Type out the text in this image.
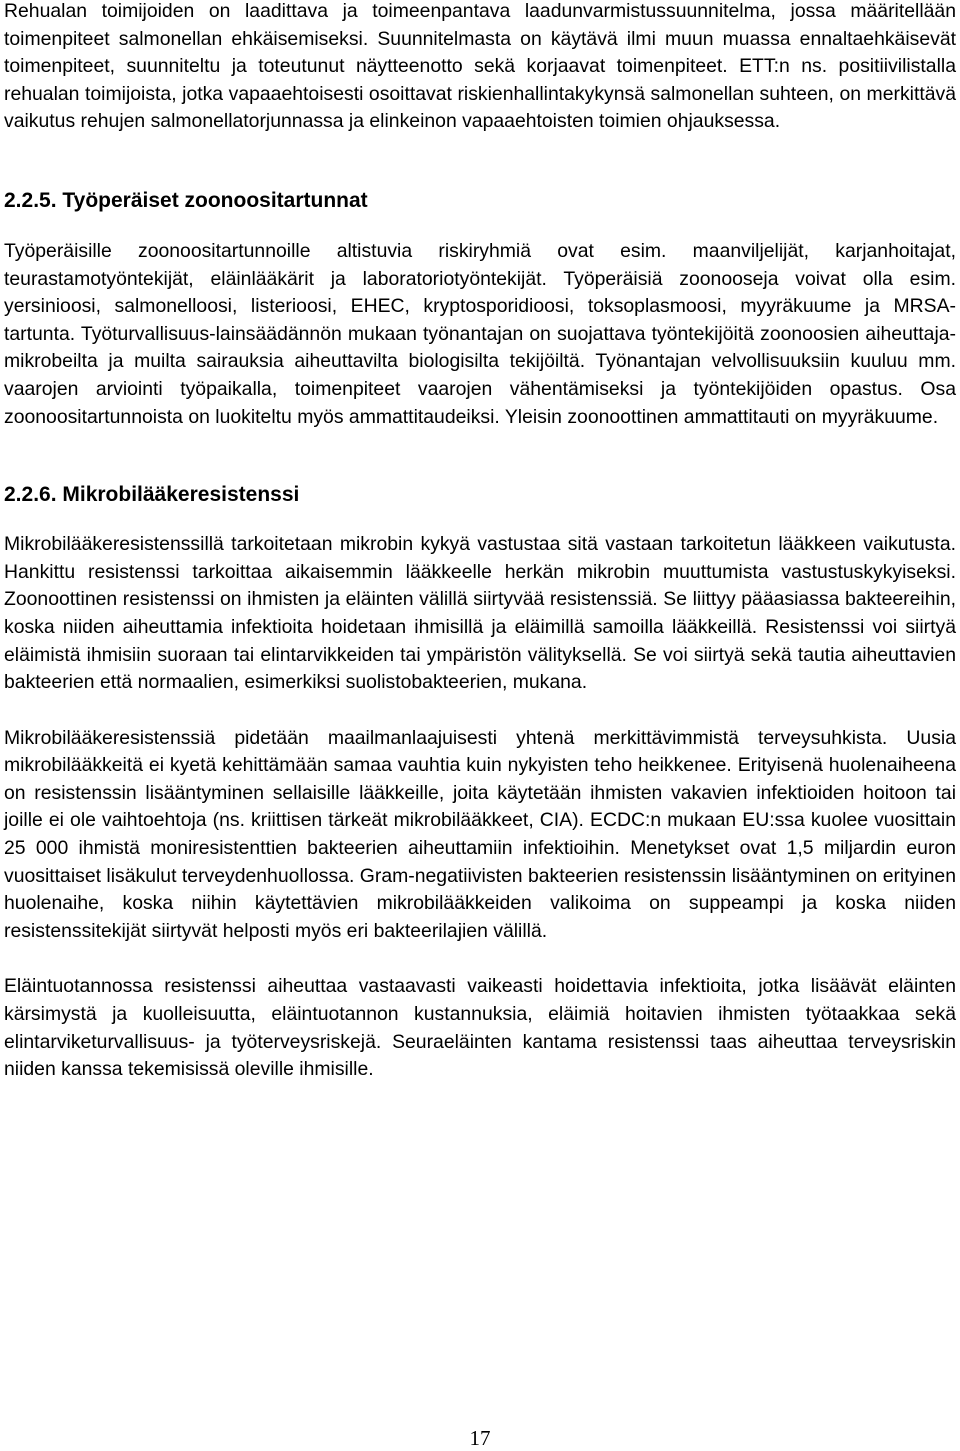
Rehualan toimijoiden on laadittava ja toimeenpantava laadunvarmistussuunnitelma, jossa määritellään toimenpiteet salmonellan ehkäisemiseksi. Suunnitelmasta on käytävä ilmi muun muassa ennaltaehkäisevät toimenpiteet, suunniteltu ja toteutunut näytteenotto sekä korjaavat toimenpiteet. ETT:n ns. positiivilistalla rehualan toimijoista, jotka vapaaehtoisesti osoittavat riskienhallintakykynsä salmonellan suhteen, on merkittävä vaikutus rehujen salmonellatorjunnassa ja elinkeinon vapaaehtoisten toimien ohjauksessa.

2.2.5. Työperäiset zoonoositartunnat

Työperäisille zoonoositartunnoille altistuvia riskiryhmiä ovat esim. maanviljelijät, karjanhoitajat, teurastamotyöntekijät, eläinlääkärit ja laboratoriotyöntekijät. Työperäisiä zoonooseja voivat olla esim. yersinioosi, salmonelloosi, listerioosi, EHEC, kryptosporidioosi, toksoplasmoosi, myyräkuume ja MRSA-tartunta. Työturvallisuus-lainsäädännön mukaan työnantajan on suojattava työntekijöitä zoonoosien aiheuttaja-mikrobeilta ja muilta sairauksia aiheuttavilta biologisilta tekijöiltä. Työnantajan velvollisuuksiin kuuluu mm. vaarojen arviointi työpaikalla, toimenpiteet vaarojen vähentämiseksi ja työntekijöiden opastus. Osa zoonoositartunnoista on luokiteltu myös ammattitaudeiksi. Yleisin zoonoottinen ammattitauti on myyräkuume.

2.2.6. Mikrobilääkeresistenssi

Mikrobilääkeresistenssillä tarkoitetaan mikrobin kykyä vastustaa sitä vastaan tarkoitetun lääkkeen vaikutusta. Hankittu resistenssi tarkoittaa aikaisemmin lääkkeelle herkän mikrobin muuttumista vastustuskykyiseksi. Zoonoottinen resistenssi on ihmisten ja eläinten välillä siirtyvää resistenssiä. Se liittyy pääasiassa bakteereihin, koska niiden aiheuttamia infektioita hoidetaan ihmisillä ja eläimillä samoilla lääkkeillä. Resistenssi voi siirtyä eläimistä ihmisiin suoraan tai elintarvikkeiden tai ympäristön välityksellä. Se voi siirtyä sekä tautia aiheuttavien bakteerien että normaalien, esimerkiksi suolistobakteerien, mukana.

Mikrobilääkeresistenssiä pidetään maailmanlaajuisesti yhtenä merkittävimmistä terveysuhkista. Uusia mikrobilääkkeitä ei kyetä kehittämään samaa vauhtia kuin nykyisten teho heikkenee. Erityisenä huolenaiheena on resistenssin lisääntyminen sellaisille lääkkeille, joita käytetään ihmisten vakavien infektioiden hoitoon tai joille ei ole vaihtoehtoja (ns. kriittisen tärkeät mikrobilääkkeet, CIA). ECDC:n mukaan EU:ssa kuolee vuosittain 25 000 ihmistä moniresistenttien bakteerien aiheuttamiin infektioihin. Menetykset ovat 1,5 miljardin euron vuosittaiset lisäkulut terveydenhuollossa. Gram-negatiivisten bakteerien resistenssin lisääntyminen on erityinen huolenaihe, koska niihin käytettävien mikrobilääkkeiden valikoima on suppeampi ja koska niiden resistenssitekijät siirtyvät helposti myös eri bakteerilajien välillä.

Eläintuotannossa resistenssi aiheuttaa vastaavasti vaikeasti hoidettavia infektioita, jotka lisäävät eläinten kärsimystä ja kuolleisuutta, eläintuotannon kustannuksia, eläimiä hoitavien ihmisten työtaakkaa sekä elintarviketurvallisuus- ja työterveysriskejä. Seuraeläinten kantama resistenssi taas aiheuttaa terveysriskin niiden kanssa tekemisissä oleville ihmisille.

17
